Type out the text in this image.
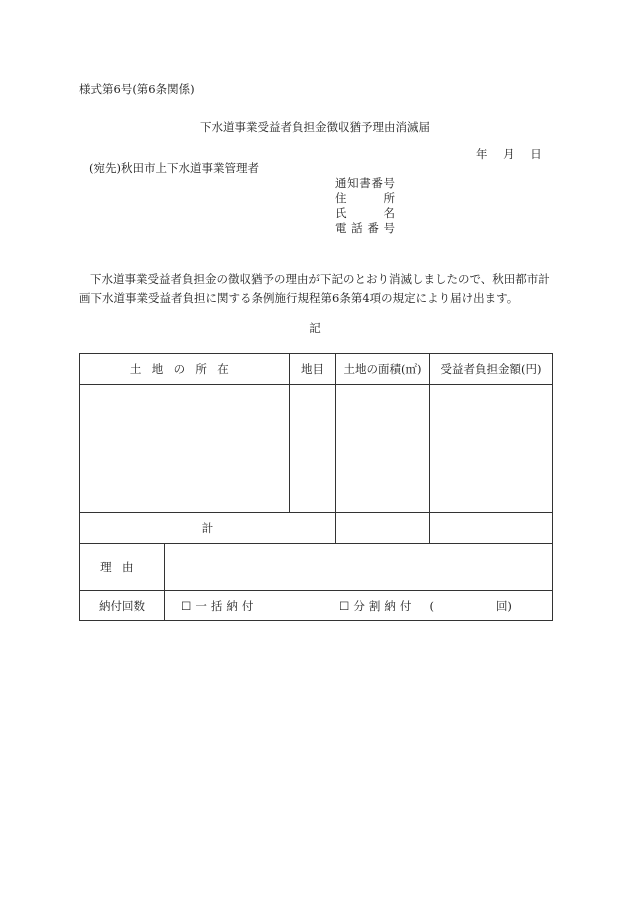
様式第6号(第6条関係)
下水道事業受益者負担金徴収猶予理由消滅届
年 月 日
(宛先)秋田市上下水道事業管理者
通知書番号
住所
氏名
電話番号
下水道事業受益者負担金の徴収猶予の理由が下記のとおり消滅しましたので、秋田都市計画下水道事業受益者負担に関する条例施行規程第6条第4項の規定により届け出ます。
記
土地の所在		地目	土地の面積(㎡)	受益者負担金額(円)

計				
理由				
納付回数	☐一括納付 ☐分割納付 ( 回)			
